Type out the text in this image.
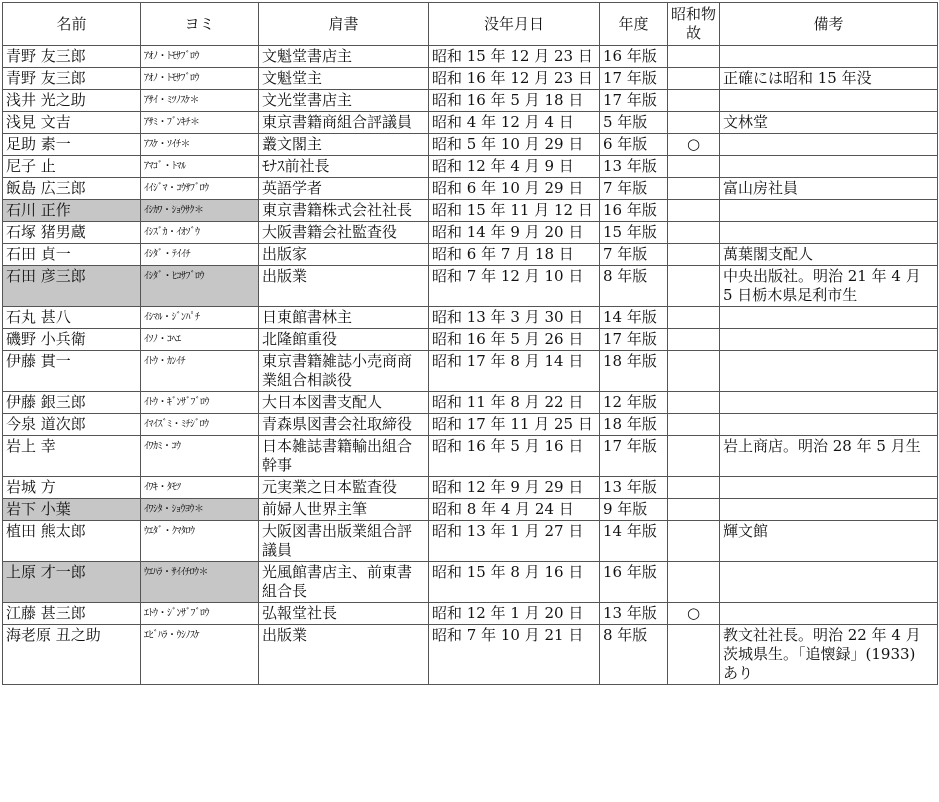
名前	ヨミ	肩書	没年月日	年度	昭和物故	備考
青野 友三郎	ｱｵﾉ・ﾄﾓｻﾌﾞﾛｳ	文魁堂書店主	昭和 15 年 12 月 23 日	16 年版		
青野 友三郎	ｱｵﾉ・ﾄﾓｻﾌﾞﾛｳ	文魁堂主	昭和 16 年 12 月 23 日	17 年版		正確には昭和 15 年没
浅井 光之助	ｱｻｲ・ﾐﾂﾉｽｹ＊	文光堂書店主	昭和 16 年 5 月 18 日	17 年版		
浅見 文吉	ｱｻﾐ・ﾌﾞﾝｷﾁ＊	東京書籍商組合評議員	昭和 4 年 12 月 4 日	5 年版		文林堂
足助 素一	ｱｽｹ・ｿｲﾁ＊	叢文閣主	昭和 5 年 10 月 29 日	6 年版	○	
尼子 止	ｱﾏｺﾞ・ﾄﾏﾙ	ﾓﾅｽ前社長	昭和 12 年 4 月 9 日	13 年版		
飯島 広三郎	ｲｲｼﾞﾏ・ｺｳｻﾌﾞﾛｳ	英語学者	昭和 6 年 10 月 29 日	7 年版		富山房社員
石川 正作	ｲｼｶﾜ・ｼｮｳｻｸ＊	東京書籍株式会社社長	昭和 15 年 11 月 12 日	16 年版		
石塚 猪男蔵	ｲｼｽﾞｶ・ｲｵｿﾞｳ	大阪書籍会社監査役	昭和 14 年 9 月 20 日	15 年版		
石田 貞一	ｲｼﾀﾞ・ﾃｲｲﾁ	出版家	昭和 6 年 7 月 18 日	7 年版		萬葉閣支配人
石田 彦三郎	ｲｼﾀﾞ・ﾋｺｻﾌﾞﾛｳ	出版業	昭和 7 年 12 月 10 日	8 年版		中央出版社。明治 21 年 4 月 5 日栃木県足利市生
石丸 甚八	ｲｼﾏﾙ・ｼﾞﾝﾊﾟﾁ	日東館書林主	昭和 13 年 3 月 30 日	14 年版		
磯野 小兵衛	ｲｿﾉ・ｺﾍｴ	北隆館重役	昭和 16 年 5 月 26 日	17 年版		
伊藤 貫一	ｲﾄｳ・ｶﾝｲﾁ	東京書籍雑誌小売商商業組合相談役	昭和 17 年 8 月 14 日	18 年版		
伊藤 銀三郎	ｲﾄｳ・ｷﾞﾝｻﾞﾌﾞﾛｳ	大日本図書支配人	昭和 11 年 8 月 22 日	12 年版		
今泉 道次郎	ｲﾏｲｽﾞﾐ・ﾐﾁｼﾞﾛｳ	青森県図書会社取締役	昭和 17 年 11 月 25 日	18 年版		
岩上 幸	ｲﾜｶﾐ・ｺｳ	日本雑誌書籍輸出組合幹事	昭和 16 年 5 月 16 日	17 年版		岩上商店。明治 28 年 5 月生
岩城 方	ｲﾜｷ・ﾀﾓﾂ	元実業之日本監査役	昭和 12 年 9 月 29 日	13 年版		
岩下 小葉	ｲﾜｼﾀ・ｼｮｳﾖｳ＊	前婦人世界主筆	昭和 8 年 4 月 24 日	9 年版		
植田 熊太郎	ｳｴﾀﾞ・ｸﾏﾀﾛｳ	大阪図書出版業組合評議員	昭和 13 年 1 月 27 日	14 年版		輝文館
上原 才一郎	ｳｴﾊﾗ・ｻｲｲﾁﾛｳ＊	光風館書店主、前東書組合長	昭和 15 年 8 月 16 日	16 年版		
江藤 甚三郎	ｴﾄｳ・ｼﾞﾝｻﾞﾌﾞﾛｳ	弘報堂社長	昭和 12 年 1 月 20 日	13 年版	○	
海老原 丑之助	ｴﾋﾞﾊﾗ・ｳｼﾉｽｹ	出版業	昭和 7 年 10 月 21 日	8 年版		教文社社長。明治 22 年 4 月茨城県生。「追懐録」(1933) あり
